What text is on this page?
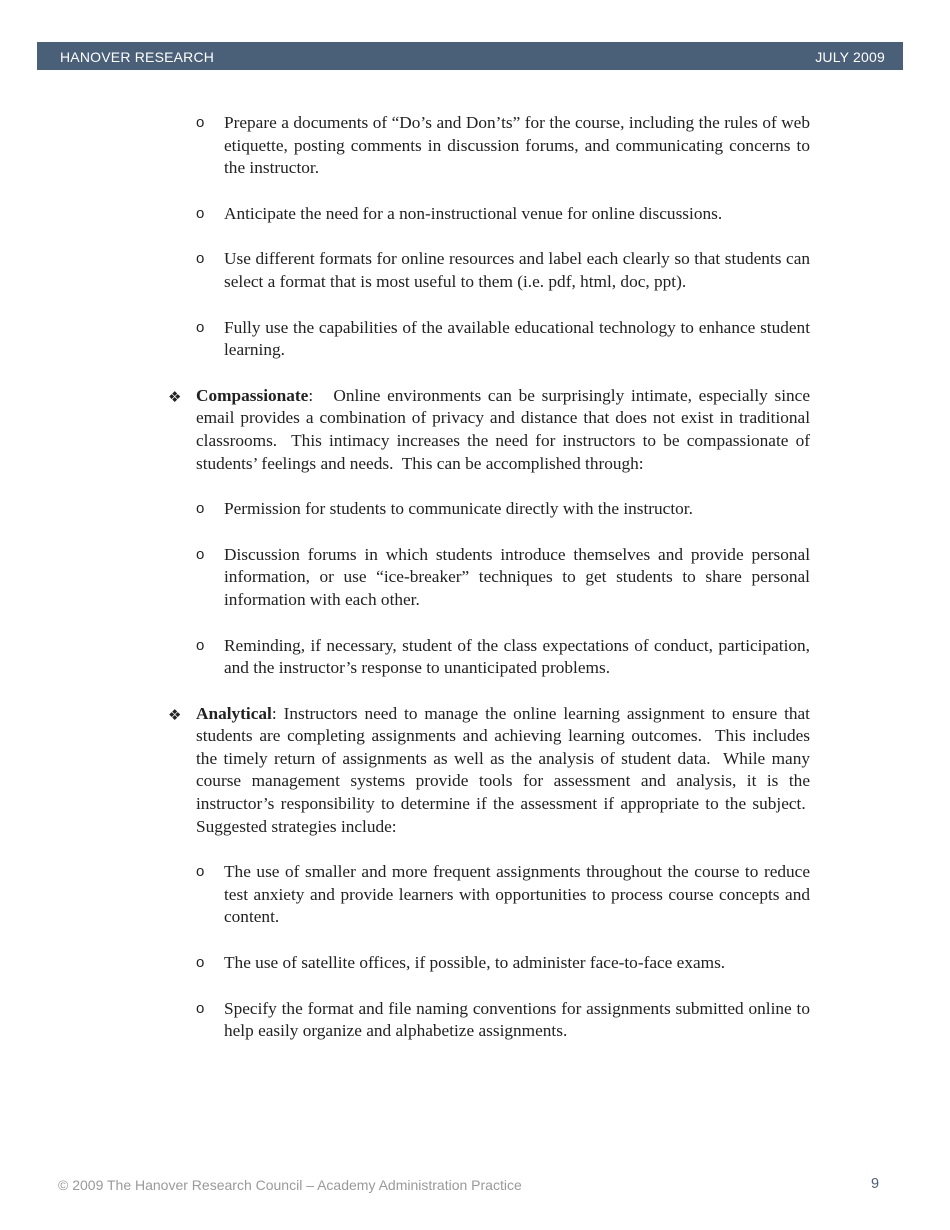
HANOVER RESEARCH	JULY 2009
o Prepare a documents of “Do’s and Don’ts” for the course, including the rules of web etiquette, posting comments in discussion forums, and communicating concerns to the instructor.
o Anticipate the need for a non-instructional venue for online discussions.
o Use different formats for online resources and label each clearly so that students can select a format that is most useful to them (i.e. pdf, html, doc, ppt).
o Fully use the capabilities of the available educational technology to enhance student learning.
❖ Compassionate:   Online environments can be surprisingly intimate, especially since email provides a combination of privacy and distance that does not exist in traditional classrooms.  This intimacy increases the need for instructors to be compassionate of students’ feelings and needs.  This can be accomplished through:
o Permission for students to communicate directly with the instructor.
o Discussion forums in which students introduce themselves and provide personal information, or use “ice-breaker” techniques to get students to share personal information with each other.
o Reminding, if necessary, student of the class expectations of conduct, participation, and the instructor’s response to unanticipated problems.
❖ Analytical: Instructors need to manage the online learning assignment to ensure that students are completing assignments and achieving learning outcomes.  This includes the timely return of assignments as well as the analysis of student data.  While many course management systems provide tools for assessment and analysis, it is the instructor’s responsibility to determine if the assessment if appropriate to the subject.  Suggested strategies include:
o The use of smaller and more frequent assignments throughout the course to reduce test anxiety and provide learners with opportunities to process course concepts and content.
o The use of satellite offices, if possible, to administer face-to-face exams.
o Specify the format and file naming conventions for assignments submitted online to help easily organize and alphabetize assignments.
© 2009 The Hanover Research Council – Academy Administration Practice	9
